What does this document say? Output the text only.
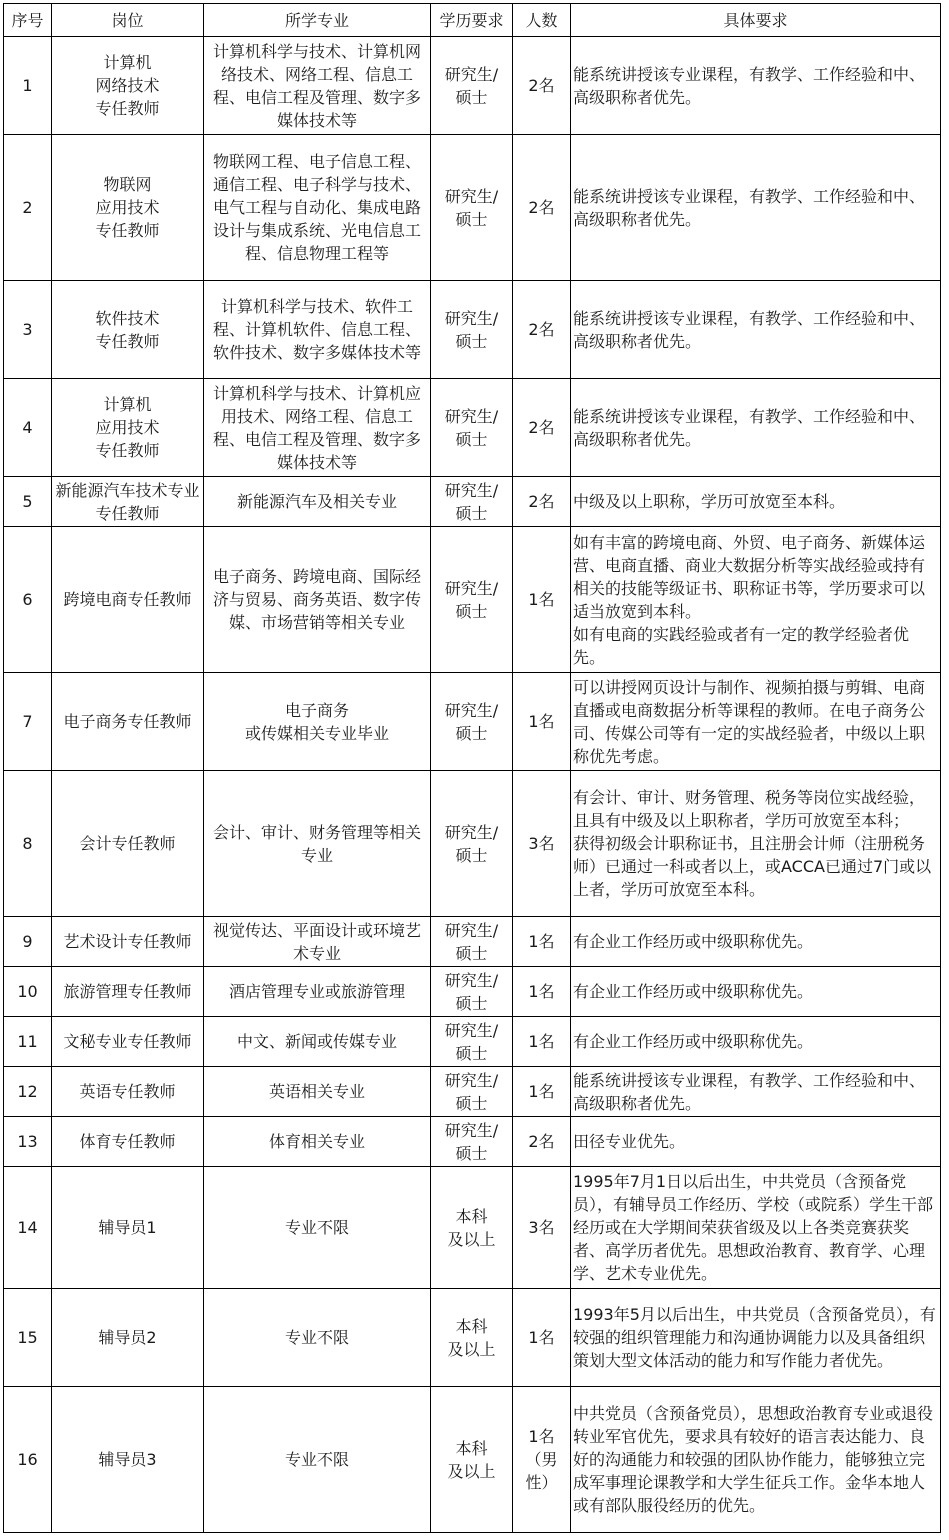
序号	岗位	所学专业	学历要求	人数	具体要求
1	计算机
网络技术
专任教师	计算机科学与技术、计算机网络技术、网络工程、信息工程、电信工程及管理、数字多媒体技术等	研究生/
硕士	2名	能系统讲授该专业课程，有教学、工作经验和中、高级职称者优先。
2	物联网
应用技术
专任教师	物联网工程、电子信息工程、通信工程、电子科学与技术、电气工程与自动化、集成电路设计与集成系统、光电信息工程、信息物理工程等	研究生/
硕士	2名	能系统讲授该专业课程，有教学、工作经验和中、高级职称者优先。
3	软件技术
专任教师	计算机科学与技术、软件工程、计算机软件、信息工程、软件技术、数字多媒体技术等	研究生/
硕士	2名	能系统讲授该专业课程，有教学、工作经验和中、高级职称者优先。
4	计算机
应用技术
专任教师	计算机科学与技术、计算机应用技术、网络工程、信息工程、电信工程及管理、数字多媒体技术等	研究生/
硕士	2名	能系统讲授该专业课程，有教学、工作经验和中、高级职称者优先。
5	新能源汽车技术专业专任教师	新能源汽车及相关专业	研究生/
硕士	2名	中级及以上职称，学历可放宽至本科。
6	跨境电商专任教师	电子商务、跨境电商、国际经济与贸易、商务英语、数字传媒、市场营销等相关专业	研究生/
硕士	1名	如有丰富的跨境电商、外贸、电子商务、新媒体运营、电商直播、商业大数据分析等实战经验或持有相关的技能等级证书、职称证书等，学历要求可以适当放宽到本科。
如有电商的实践经验或者有一定的教学经验者优先。
7	电子商务专任教师	电子商务
或传媒相关专业毕业	研究生/
硕士	1名	可以讲授网页设计与制作、视频拍摄与剪辑、电商直播或电商数据分析等课程的教师。在电子商务公司、传媒公司等有一定的实战经验者，中级以上职称优先考虑。
8	会计专任教师	会计、审计、财务管理等相关专业	研究生/
硕士	3名	有会计、审计、财务管理、税务等岗位实战经验，且具有中级及以上职称者，学历可放宽至本科；
获得初级会计职称证书，且注册会计师（注册税务师）已通过一科或者以上，或ACCA已通过7门或以上者，学历可放宽至本科。
9	艺术设计专任教师	视觉传达、平面设计或环境艺术专业	研究生/
硕士	1名	有企业工作经历或中级职称优先。
10	旅游管理专任教师	酒店管理专业或旅游管理	研究生/
硕士	1名	有企业工作经历或中级职称优先。
11	文秘专业专任教师	中文、新闻或传媒专业	研究生/
硕士	1名	有企业工作经历或中级职称优先。
12	英语专任教师	英语相关专业	研究生/
硕士	1名	能系统讲授该专业课程，有教学、工作经验和中、高级职称者优先。
13	体育专任教师	体育相关专业	研究生/
硕士	2名	田径专业优先。
14	辅导员1	专业不限	本科
及以上	3名	1995年7月1日以后出生，中共党员（含预备党员），有辅导员工作经历、学校（或院系）学生干部经历或在大学期间荣获省级及以上各类竞赛获奖者、高学历者优先。思想政治教育、教育学、心理学、艺术专业优先。
15	辅导员2	专业不限	本科
及以上	1名	1993年5月以后出生，中共党员（含预备党员），有较强的组织管理能力和沟通协调能力以及具备组织策划大型文体活动的能力和写作能力者优先。
16	辅导员3	专业不限	本科
及以上	1名
（男
性）	中共党员（含预备党员），思想政治教育专业或退役转业军官优先，要求具有较好的语言表达能力、良好的沟通能力和较强的团队协作能力，能够独立完成军事理论课教学和大学生征兵工作。金华本地人或有部队服役经历的优先。
